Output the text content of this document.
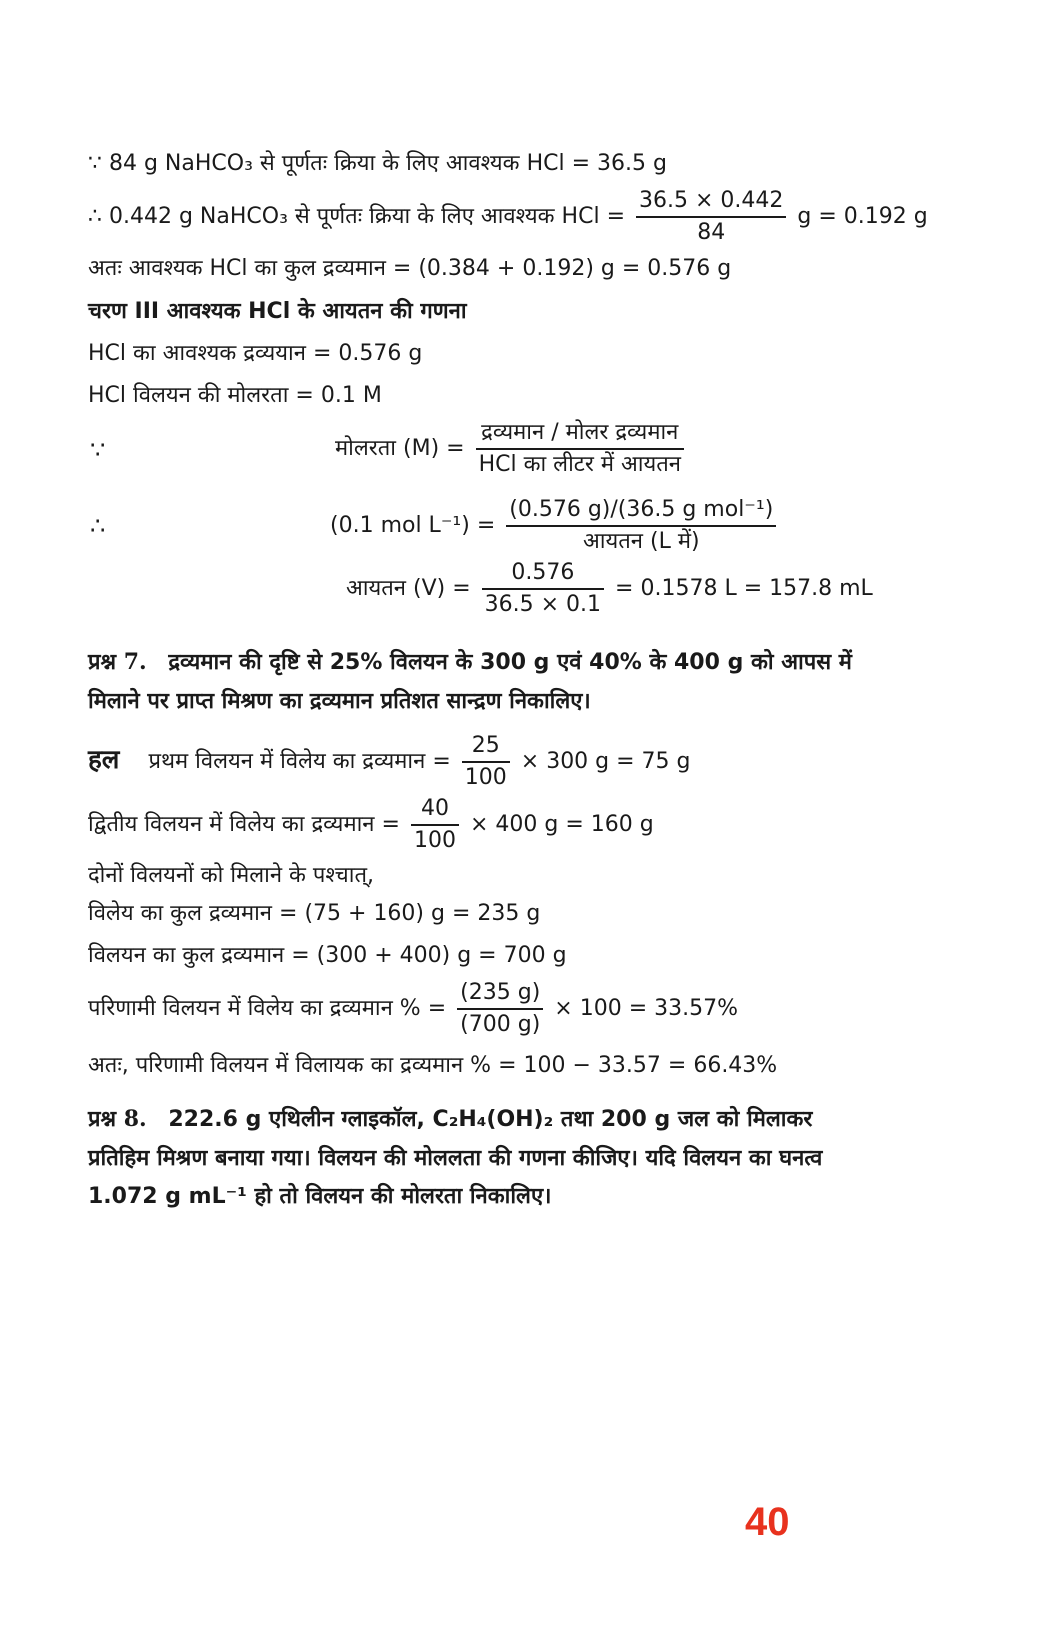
∵ 84 g NaHCO₃ से पूर्णतः क्रिया के लिए आवश्यक HCl = 36.5 g
∴ 0.442 g NaHCO₃ से पूर्णतः क्रिया के लिए आवश्यक HCl = $\frac{36.5 \times 0.442}{84}$ g = 0.192 g
अतः आवश्यक HCl का कुल द्रव्यमान = (0.384 + 0.192) g = 0.576 g
चरण III आवश्यक HCl के आयतन की गणना
HCl का आवश्यक द्रव्ययान = 0.576 g
HCl विलयन की मोलरता = 0.1 M
∵	मोलरता $(M) = \frac{\text{द्रव्यमान / मोलर द्रव्यमान}}{\text{HCl का लीटर में आयतन}}$
∴	(0.1 mol $L^{-1}) = \frac{\text{(0.576 g)/(36.5 g mol⁻¹)}}{\text{आयतन (L में)}}$
आयतन $(V) = \frac{0.576}{36.5 \times 0.1} = 0.1578$ L = 157.8 mL
प्रश्न 7. द्रव्यमान की दृष्टि से 25% विलयन के 300 g एवं 40% के 400 g को आपस में
मिलाने पर प्राप्त मिश्रण का द्रव्यमान प्रतिशत सान्द्रण निकालिए।
हल प्रथम विलयन में विलेय का द्रव्यमान = $\frac{25}{100} \times 300$ g = 75 g
द्वितीय विलयन में विलेय का द्रव्यमान = $\frac{40}{100} \times 400$ g = 160 g
दोनों विलयनों को मिलाने के पश्चात्,
विलेय का कुल द्रव्यमान = (75 + 160) g = 235 g
विलयन का कुल द्रव्यमान = (300 + 400) g = 700 g
परिणामी विलयन में विलेय का द्रव्यमान % = $\frac{(235 g)}{(700 g)} \times 100 = 33.57\%$
अतः, परिणामी विलयन में विलायक का द्रव्यमान % = 100 − 33.57 = 66.43%
प्रश्न 8. 222.6 g एथिलीन ग्लाइकॉल, C₂H₄(OH)₂ तथा 200 g जल को मिलाकर
प्रतिहिम मिश्रण बनाया गया। विलयन की मोललता की गणना कीजिए। यदि विलयन का घनत्व
1.072 g mL⁻¹ हो तो विलयन की मोलरता निकालिए।
40
